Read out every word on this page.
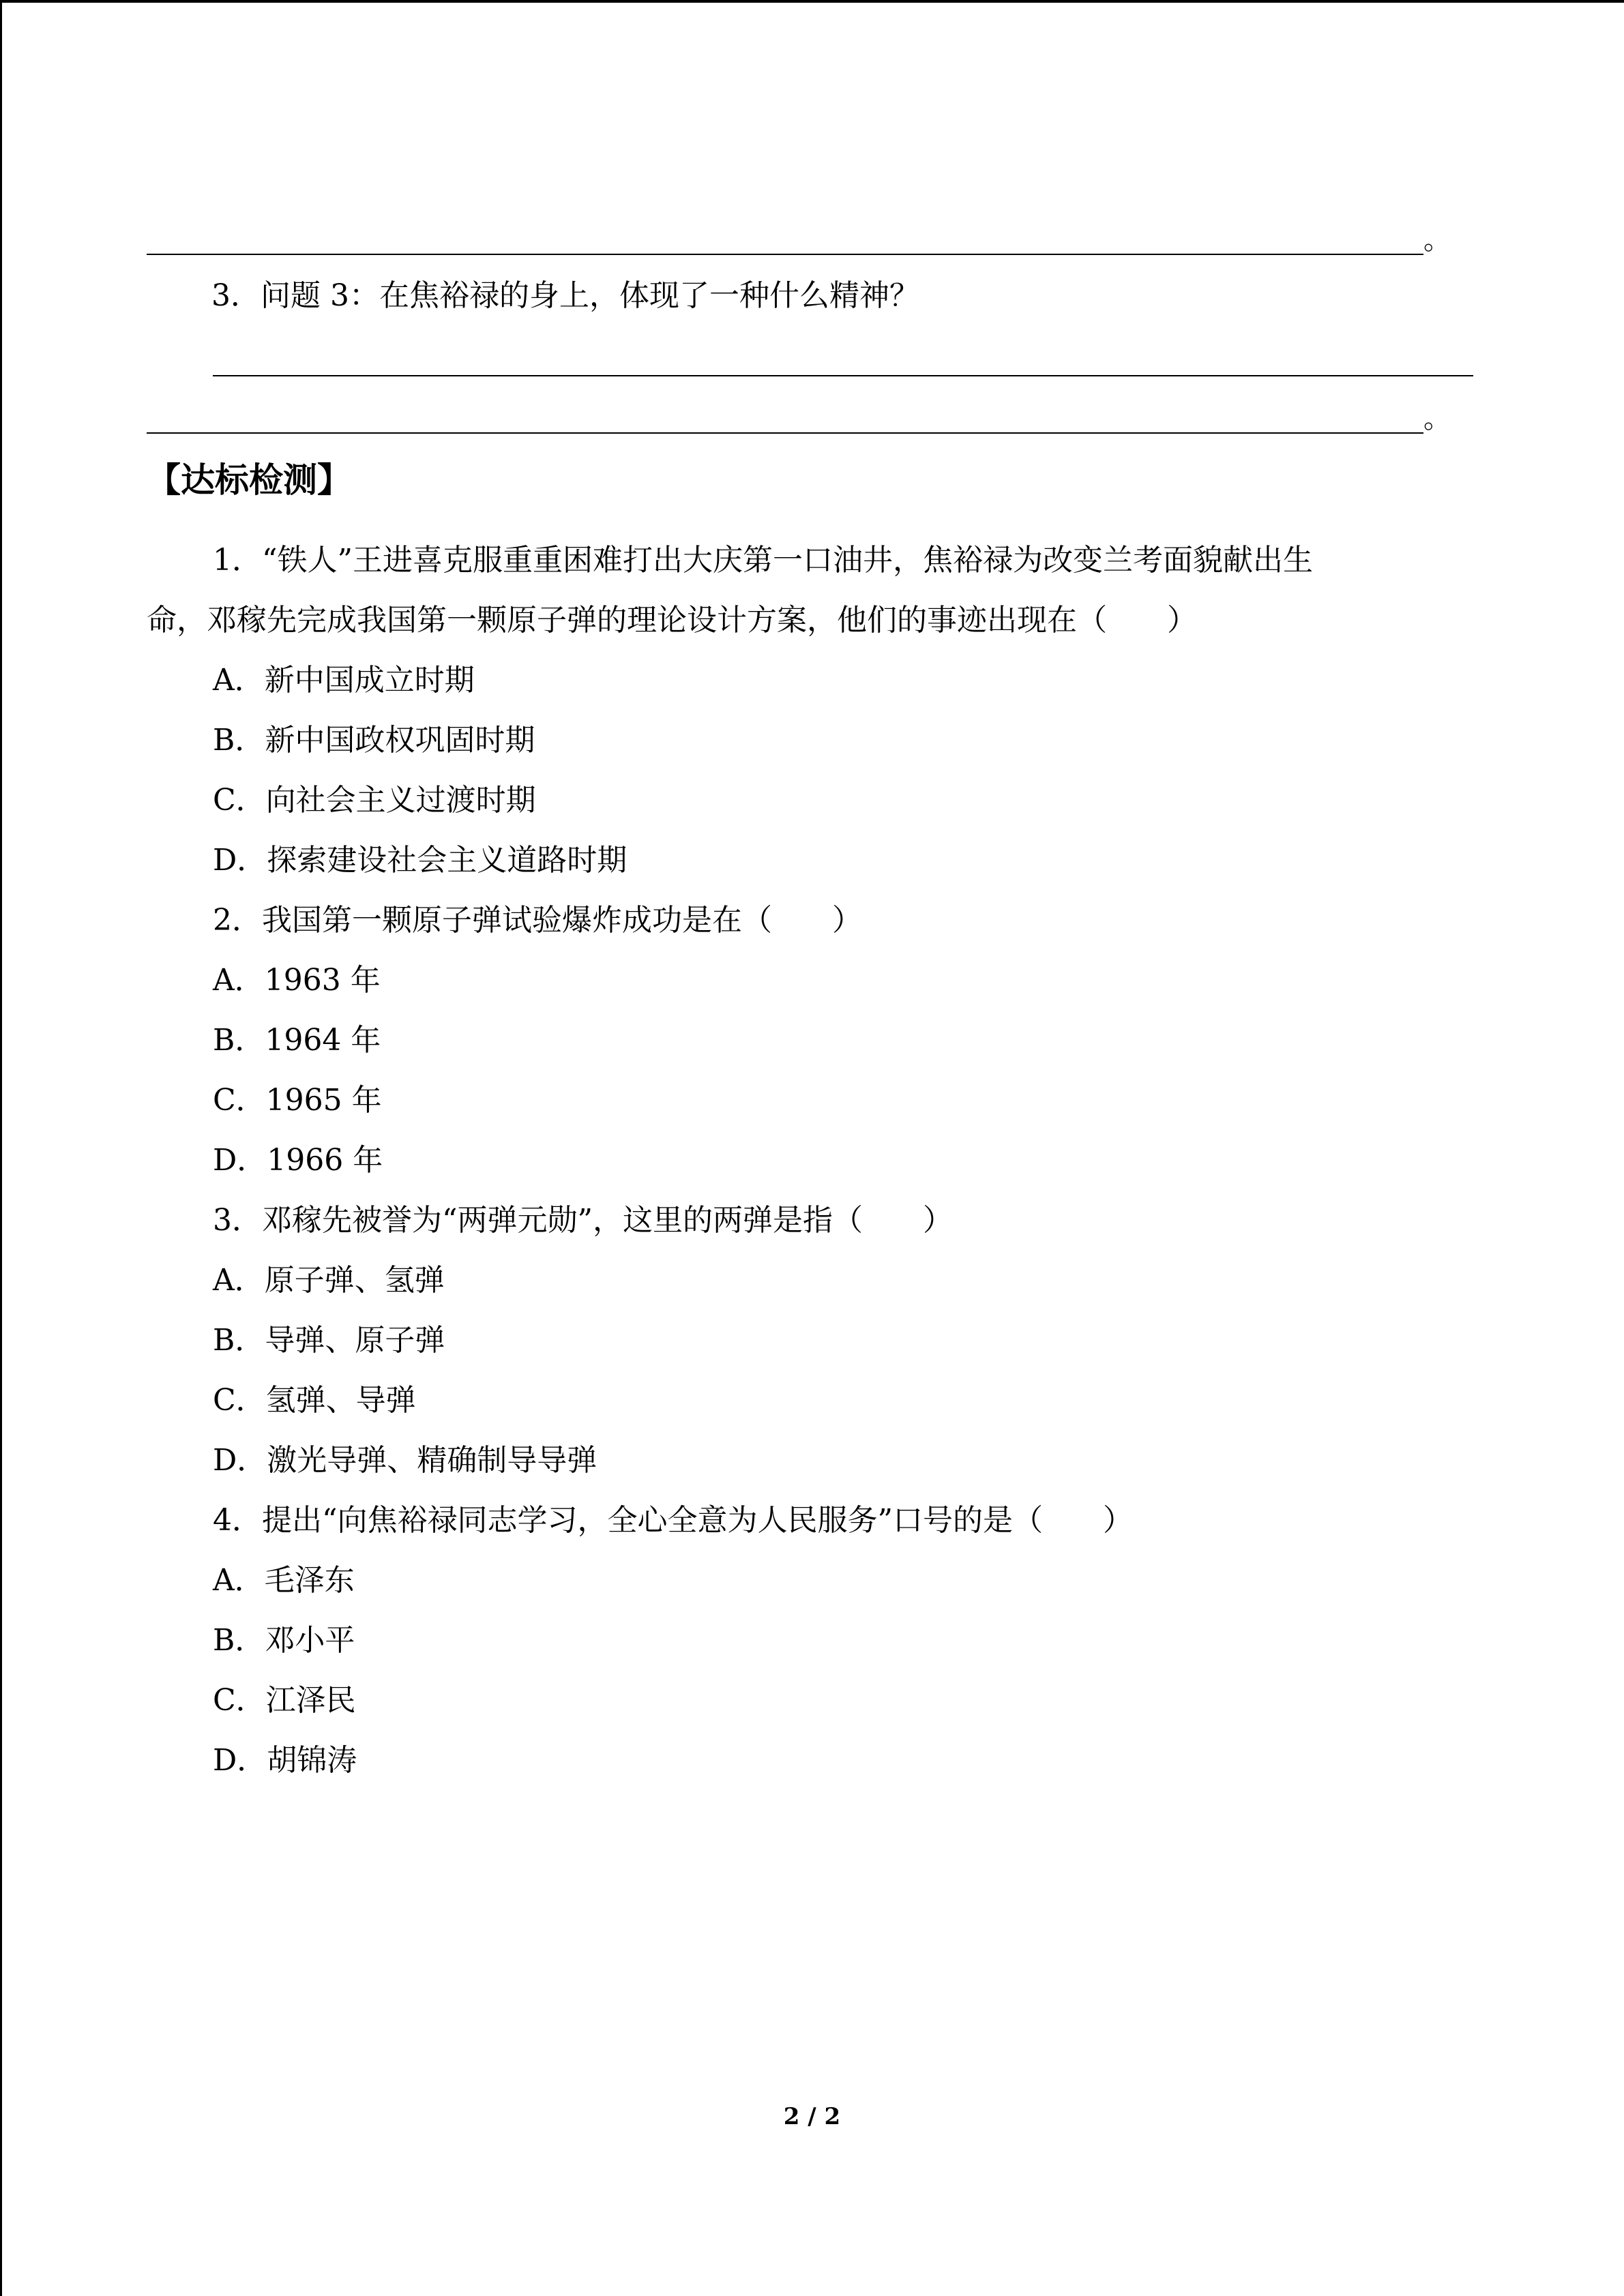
。
3．问题 3：在焦裕禄的身上，体现了一种什么精神？
。
【达标检测】
1．“铁人”王进喜克服重重困难打出大庆第一口油井，焦裕禄为改变兰考面貌献出生
命，邓稼先完成我国第一颗原子弹的理论设计方案，他们的事迹出现在（　　）
A．新中国成立时期
B．新中国政权巩固时期
C．向社会主义过渡时期
D．探索建设社会主义道路时期
2．我国第一颗原子弹试验爆炸成功是在（　　）
A．1963 年
B．1964 年
C．1965 年
D．1966 年
3．邓稼先被誉为“两弹元勋”，这里的两弹是指（　　）
A．原子弹、氢弹
B．导弹、原子弹
C．氢弹、导弹
D．激光导弹、精确制导导弹
4．提出“向焦裕禄同志学习，全心全意为人民服务”口号的是（　　）
A．毛泽东
B．邓小平
C．江泽民
D．胡锦涛
2 / 2
